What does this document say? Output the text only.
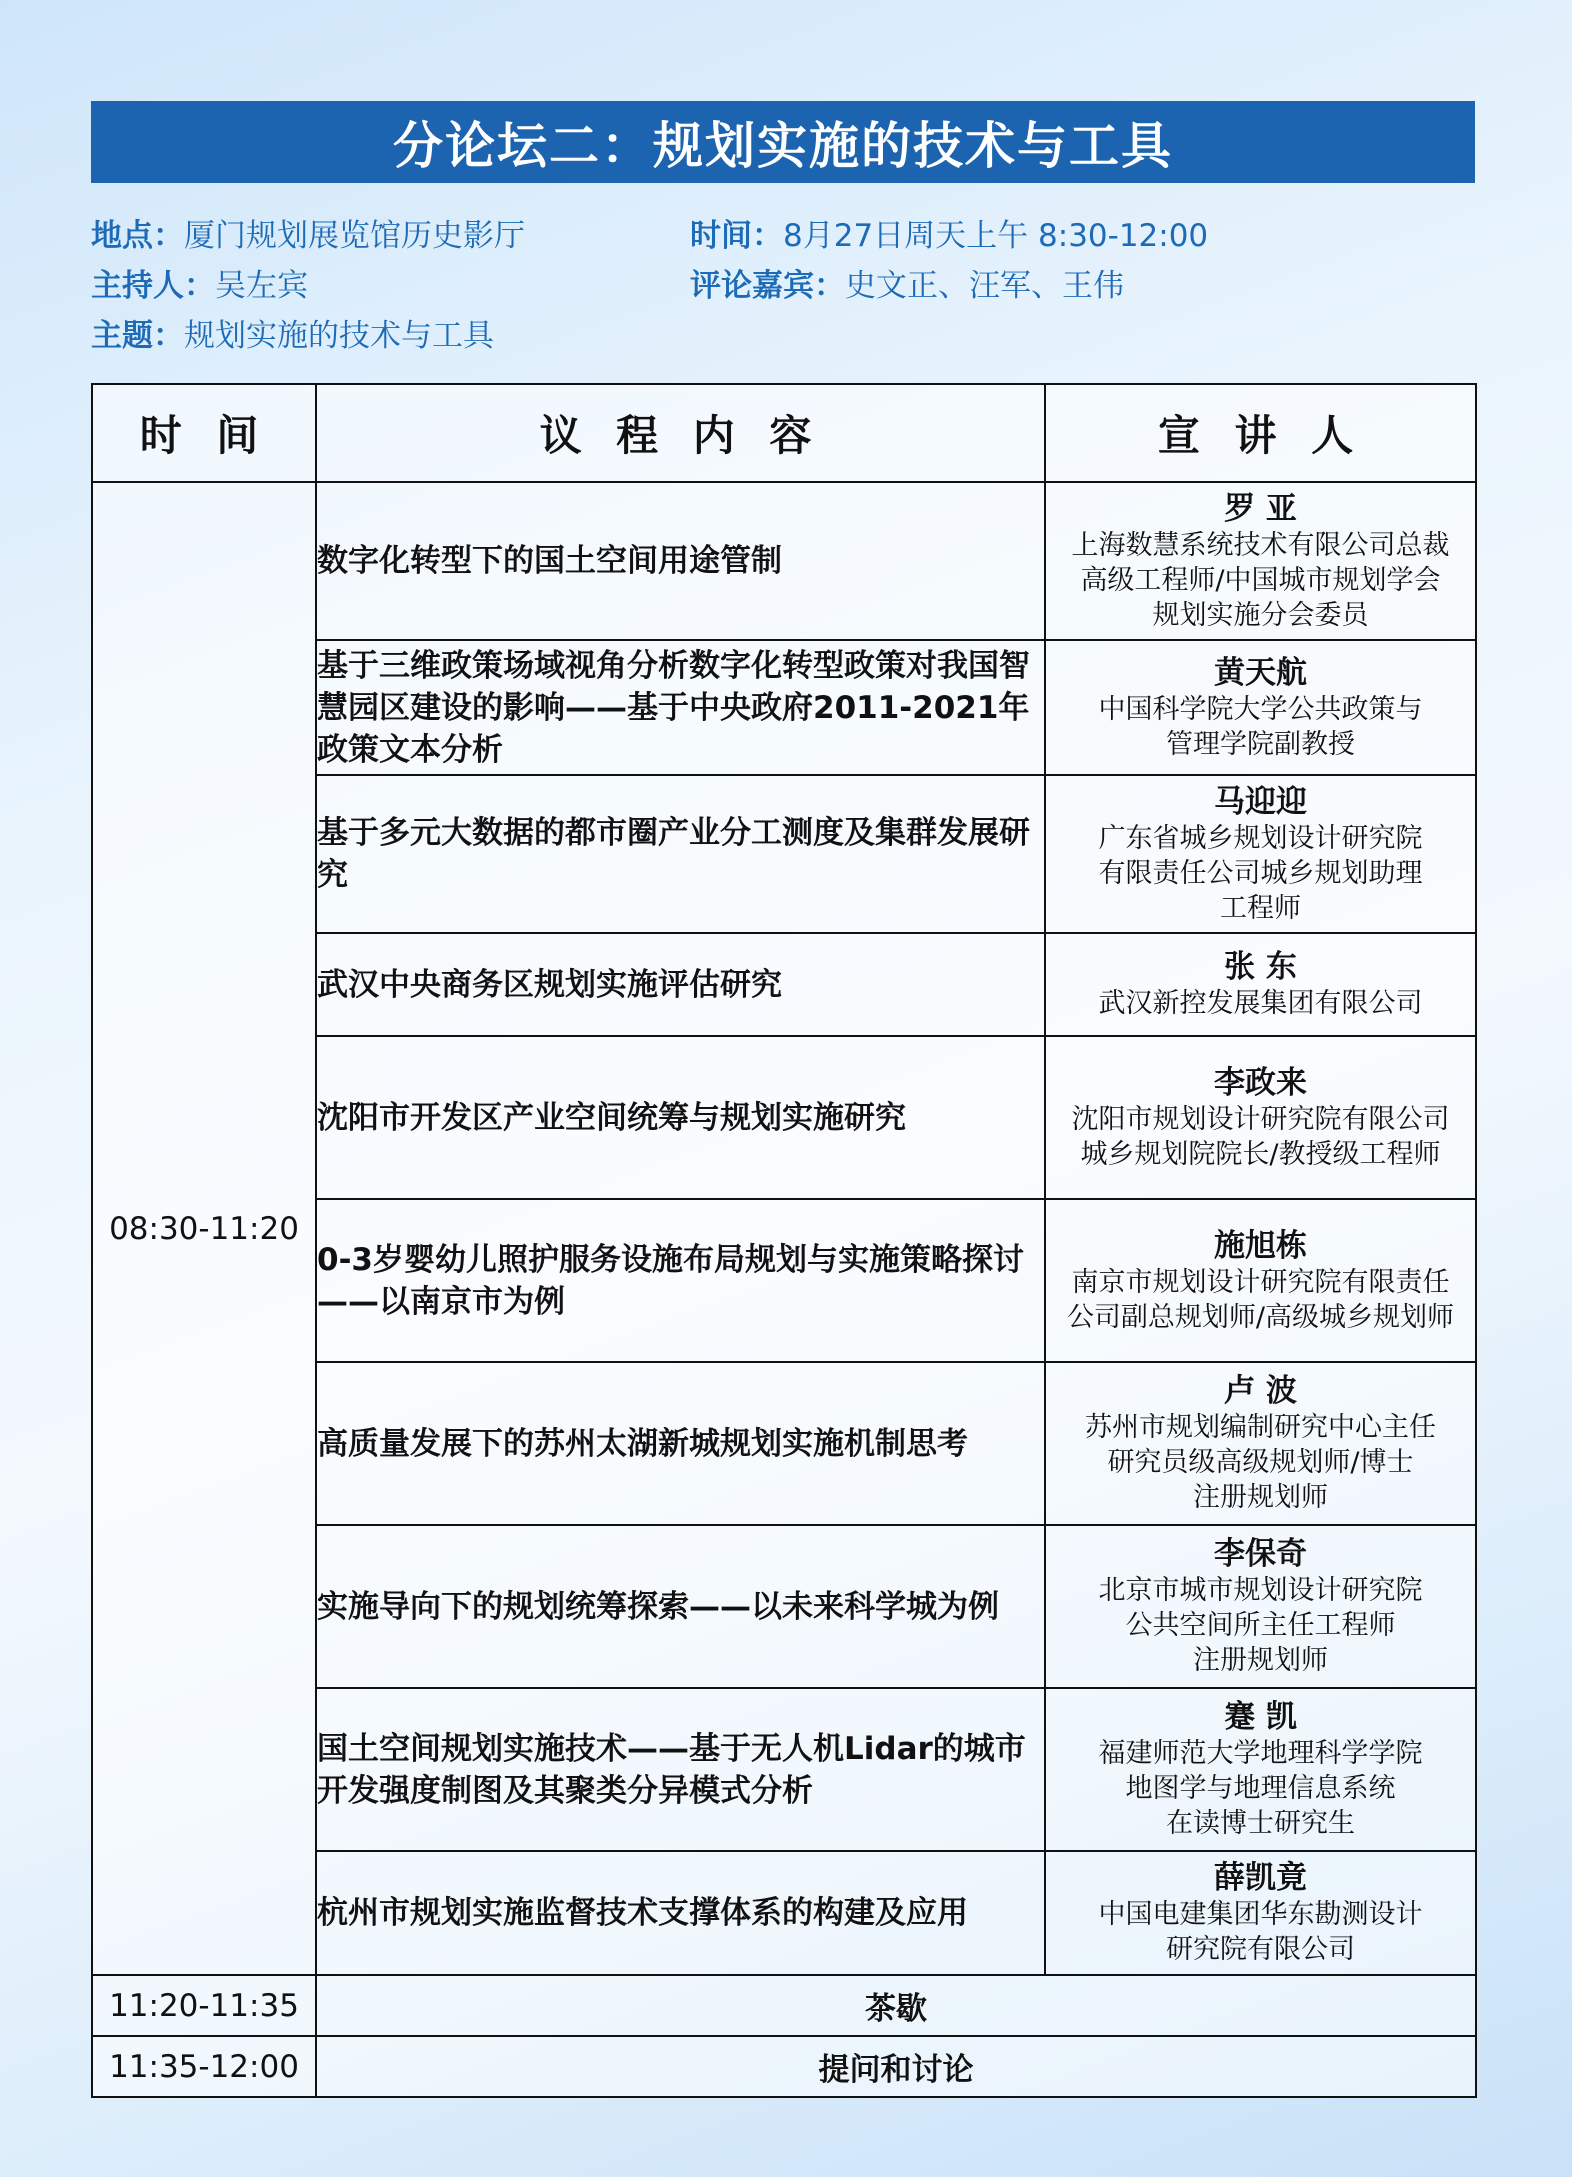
分论坛二：规划实施的技术与工具
地点：厦门规划展览馆历史影厅	时间：8月27日周天上午 8:30-12:00
主持人：吴左宾	评论嘉宾：史文正、汪军、王伟
主题：规划实施的技术与工具
时 间	议 程 内 容	宣 讲 人
08:30-11:20	数字化转型下的国土空间用途管制	罗 亚
上海数慧系统技术有限公司总裁
高级工程师/中国城市规划学会
规划实施分会委员

	基于三维政策场域视角分析数字化转型政策对我国智慧园区建设的影响——基于中央政府2011-2021年政策文本分析	黄天航
中国科学院大学公共政策与
管理学院副教授

	基于多元大数据的都市圈产业分工测度及集群发展研究	马迎迎
广东省城乡规划设计研究院
有限责任公司城乡规划助理
工程师

	武汉中央商务区规划实施评估研究	张 东
武汉新控发展集团有限公司

	沈阳市开发区产业空间统筹与规划实施研究	李政来
沈阳市规划设计研究院有限公司
城乡规划院院长/教授级工程师

	0-3岁婴幼儿照护服务设施布局规划与实施策略探讨——以南京市为例	施旭栋
南京市规划设计研究院有限责任
公司副总规划师/高级城乡规划师

	高质量发展下的苏州太湖新城规划实施机制思考	卢 波
苏州市规划编制研究中心主任
研究员级高级规划师/博士
注册规划师

	实施导向下的规划统筹探索——以未来科学城为例	李保奇
北京市城市规划设计研究院
公共空间所主任工程师
注册规划师

	国土空间规划实施技术——基于无人机Lidar的城市开发强度制图及其聚类分异模式分析	蹇 凯
福建师范大学地理科学学院
地图学与地理信息系统
在读博士研究生

	杭州市规划实施监督技术支撑体系的构建及应用	薛凯竟
中国电建集团华东勘测设计
研究院有限公司

11:20-11:35	茶歇	
11:35-12:00	提问和讨论	
